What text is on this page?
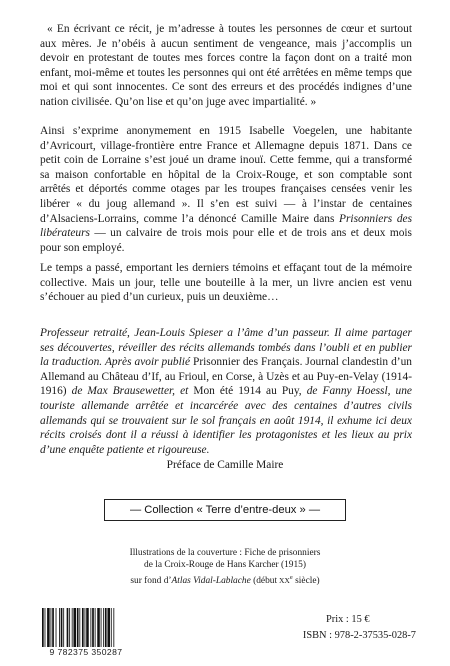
« En écrivant ce récit, je m’adresse à toutes les personnes de cœur et surtout aux mères. Je n’obéis à aucun sentiment de vengeance, mais j’accomplis un devoir en protestant de toutes mes forces contre la façon dont on a traité mon enfant, moi-même et toutes les personnes qui ont été arrêtées en même temps que moi et qui sont innocentes. Ce sont des erreurs et des procédés indignes d’une nation civilisée. Qu’on lise et qu’on juge avec impartialité. »

Ainsi s’exprime anonymement en 1915 Isabelle Voegelen, une habitante d’Avricourt, village-frontière entre France et Allemagne depuis 1871. Dans ce petit coin de Lorraine s’est joué un drame inouï. Cette femme, qui a transformé sa maison confortable en hôpital de la Croix-Rouge, et son comptable sont arrêtés et déportés comme otages par les troupes françaises censées venir les libérer « du joug allemand ». Il s’en est suivi — à l’instar de centaines d’Alsaciens-Lorrains, comme l’a dénoncé Camille Maire dans Prisonniers des libérateurs — un calvaire de trois mois pour elle et de trois ans et deux mois pour son employé.

Le temps a passé, emportant les derniers témoins et effaçant tout de la mémoire collective. Mais un jour, telle une bouteille à la mer, un livre ancien est venu s’échouer au pied d’un curieux, puis un deuxième…

Professeur retraité, Jean-Louis Spieser a l’âme d’un passeur. Il aime partager ses découvertes, réveiller des récits allemands tombés dans l’oubli et en publier la traduction. Après avoir publié Prisonnier des Français. Journal clandestin d’un Allemand au Château d’If, au Frioul, en Corse, à Uzès et au Puy-en-Velay (1914-1916) de Max Brausewetter, et Mon été 1914 au Puy, de Fanny Hoessl, une touriste allemande arrêtée et incarcérée avec des centaines d’autres civils allemands qui se trouvaient sur le sol français en août 1914, il exhume ici deux récits croisés dont il a réussi à identifier les protagonistes et les lieux au prix d’une enquête patiente et rigoureuse.

Préface de Camille Maire

— Collection « Terre d’entre-deux » —

Illustrations de la couverture : Fiche de prisonniers
de la Croix-Rouge de Hans Karcher (1915)
sur fond d’Atlas Vidal-Lablache (début  XXe siècle)

9 782375 350287

Prix : 15 €

ISBN : 978-2-37535-028-7
